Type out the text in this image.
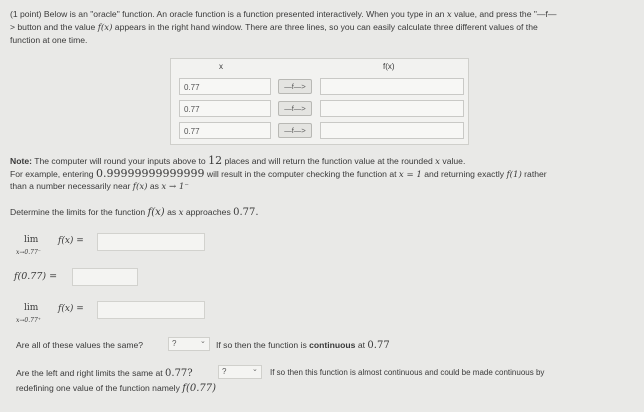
(1 point) Below is an "oracle" function. An oracle function is a function presented interactively. When you type in an x value, and press the "—f—
> button and the value f(x) appears in the right hand window. There are three lines, so you can easily calculate three different values of the
function at one time.
x	f(x)
0.77	—f—>
0.77	—f—>
0.77	—f—>
Note: The computer will round your inputs above to 12 places and will return the function value at the rounded x value.
For example, entering 0.99999999999999 will result in the computer checking the function at x = 1 and returning exactly f(1) rather
than a number necessarily near f(x) as x → 1⁻
Determine the limits for the function f(x) as x approaches 0.77.
lim
x→0.77⁻
f(x) =
f(0.77) =
lim
x→0.77⁺
f(x) =
Are all of these values the same?	?	⌄ If so then the function is continuous at 0.77
Are the left and right limits the same at 0.77?	?	⌄ If so then this function is almost continuous and could be made continuous by
redefining one value of the function namely f(0.77)
